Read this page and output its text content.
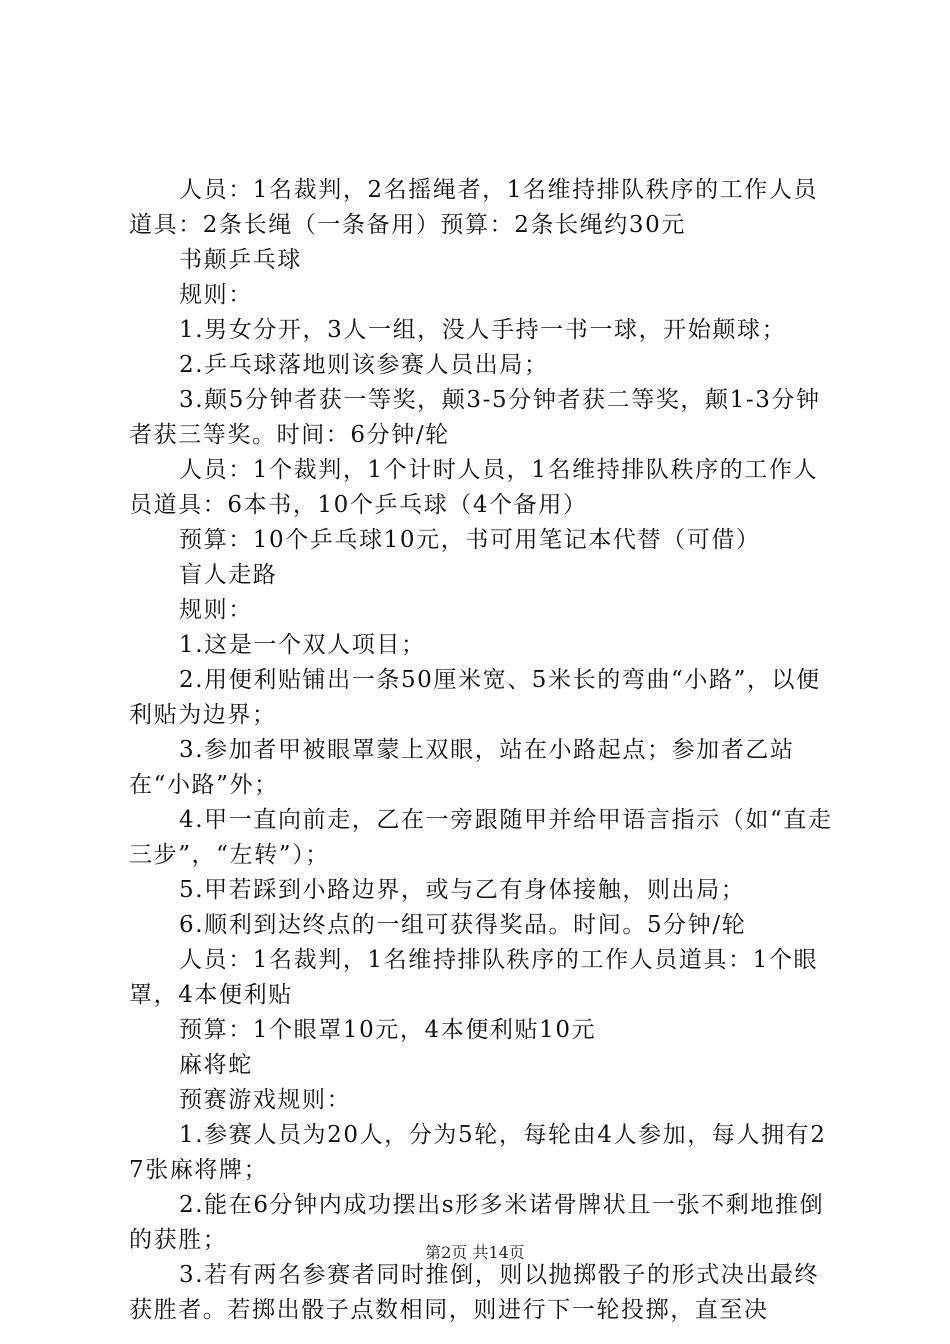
人员：1名裁判，2名摇绳者，1名维持排队秩序的工作人员道具：2条长绳（一条备用）预算：2条长绳约30元

书颠乒乓球

规则：

1.男女分开，3人一组，没人手持一书一球，开始颠球；

2.乒乓球落地则该参赛人员出局；

3.颠5分钟者获一等奖，颠3-5分钟者获二等奖，颠1-3分钟者获三等奖。时间：6分钟/轮

人员：1个裁判，1个计时人员，1名维持排队秩序的工作人员道具：6本书，10个乒乓球（4个备用）

预算：10个乒乓球10元，书可用笔记本代替（可借）

盲人走路

规则：

1.这是一个双人项目；

2.用便利贴铺出一条50厘米宽、5米长的弯曲“小路”，以便利贴为边界；

3.参加者甲被眼罩蒙上双眼，站在小路起点；参加者乙站在“小路”外；

4.甲一直向前走，乙在一旁跟随甲并给甲语言指示（如“直走三步”，“左转”）；

5.甲若踩到小路边界，或与乙有身体接触，则出局；

6.顺利到达终点的一组可获得奖品。时间。5分钟/轮

人员：1名裁判，1名维持排队秩序的工作人员道具：1个眼罩，4本便利贴

预算：1个眼罩10元，4本便利贴10元

麻将蛇

预赛游戏规则：

1.参赛人员为20人，分为5轮，每轮由4人参加，每人拥有27张麻将牌；

2.能在6分钟内成功摆出s形多米诺骨牌状且一张不剩地推倒的获胜；

3.若有两名参赛者同时推倒，则以抛掷骰子的形式决出最终获胜者。若掷出骰子点数相同，则进行下一轮投掷，直至决

第2页 共14页
